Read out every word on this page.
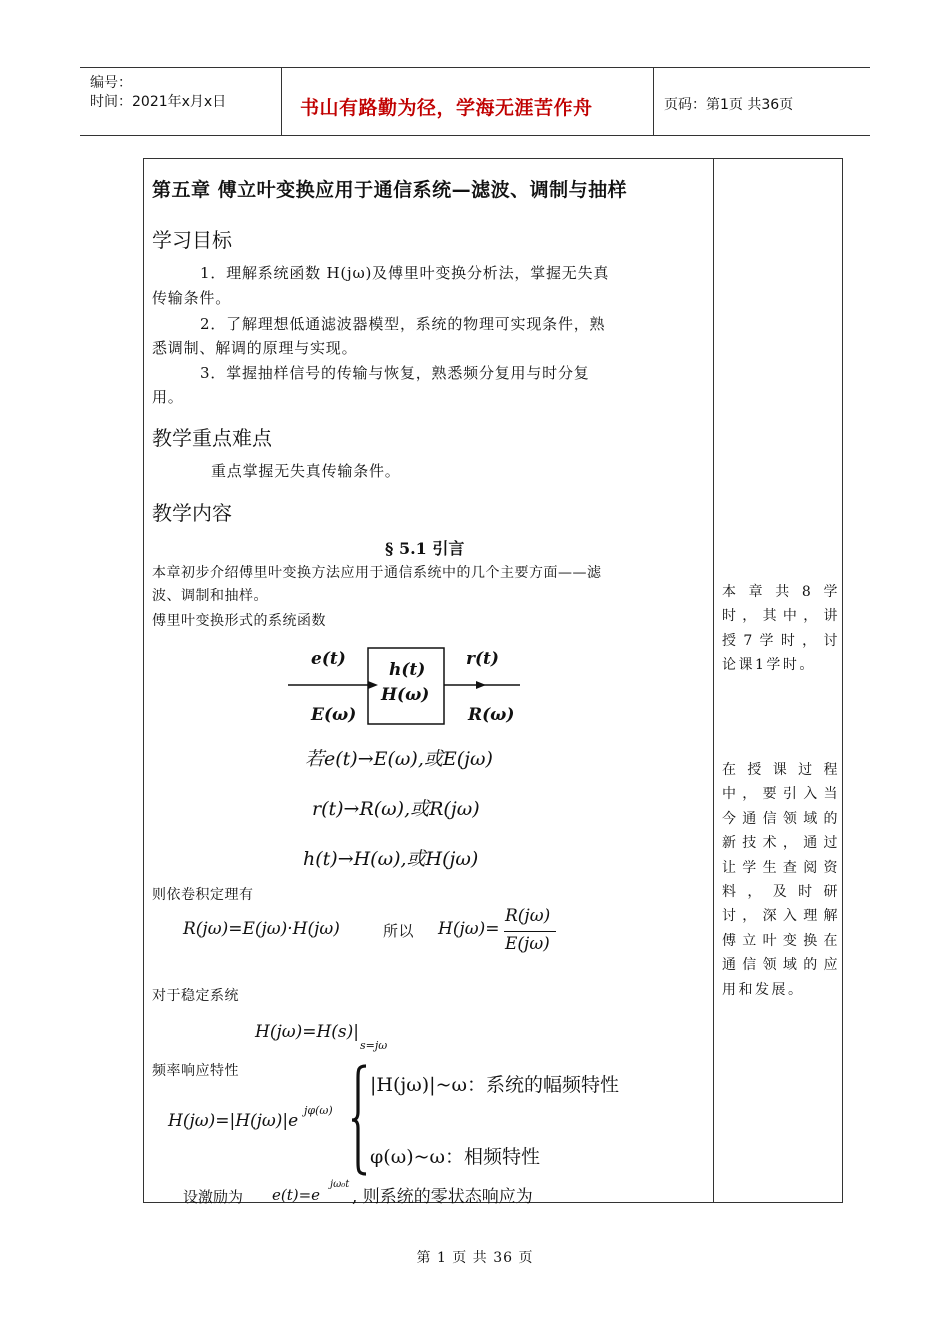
编号：
时间：2021年x月x日	书山有路勤为径，学海无涯苦作舟	页码：第1页 共36页
第五章 傅立叶变换应用于通信系统—滤波、调制与抽样
学习目标
1．理解系统函数 H(jω)及傅里叶变换分析法，掌握无失真
传输条件。
2．了解理想低通滤波器模型，系统的物理可实现条件，熟
悉调制、解调的原理与实现。
3．掌握抽样信号的传输与恢复，熟悉频分复用与时分复
用。
教学重点难点
重点掌握无失真传输条件。
教学内容
§ 5.1 引言
本章初步介绍傅里叶变换方法应用于通信系统中的几个主要方面——滤
波、调制和抽样。
傅里叶变换形式的系统函数
e(t)
E(ω)
h(t)
H(ω)
r(t)
R(ω)
若e(t)→E(ω),或E(jω)
r(t)→R(ω),或R(jω)
h(t)→H(ω),或H(jω)
则依卷积定理有
R(jω)=E(jω)·H(jω)	所以 H(jω)=
R(jω)
E(jω)
对于稳定系统
H(jω)=H(s)|
s=jω
频率响应特性
H(jω)=|H(jω)|e
jφ(ω)
|H(jω)|~ω：系统的幅频特性
φ(ω)~ω：相频特性
设激励为 e(t)=e
jω₀t
, 则系统的零状态响应为
本章共8学
时，其中，讲
授7学时，讨
论课1学时。
在授课过程
中，要引入当
今通信领域的
新技术，通过
让学生查阅资
料，及时研
讨，深入理解
傅立叶变换在
通信领域的应
用和发展。
第 1 页 共 36 页
